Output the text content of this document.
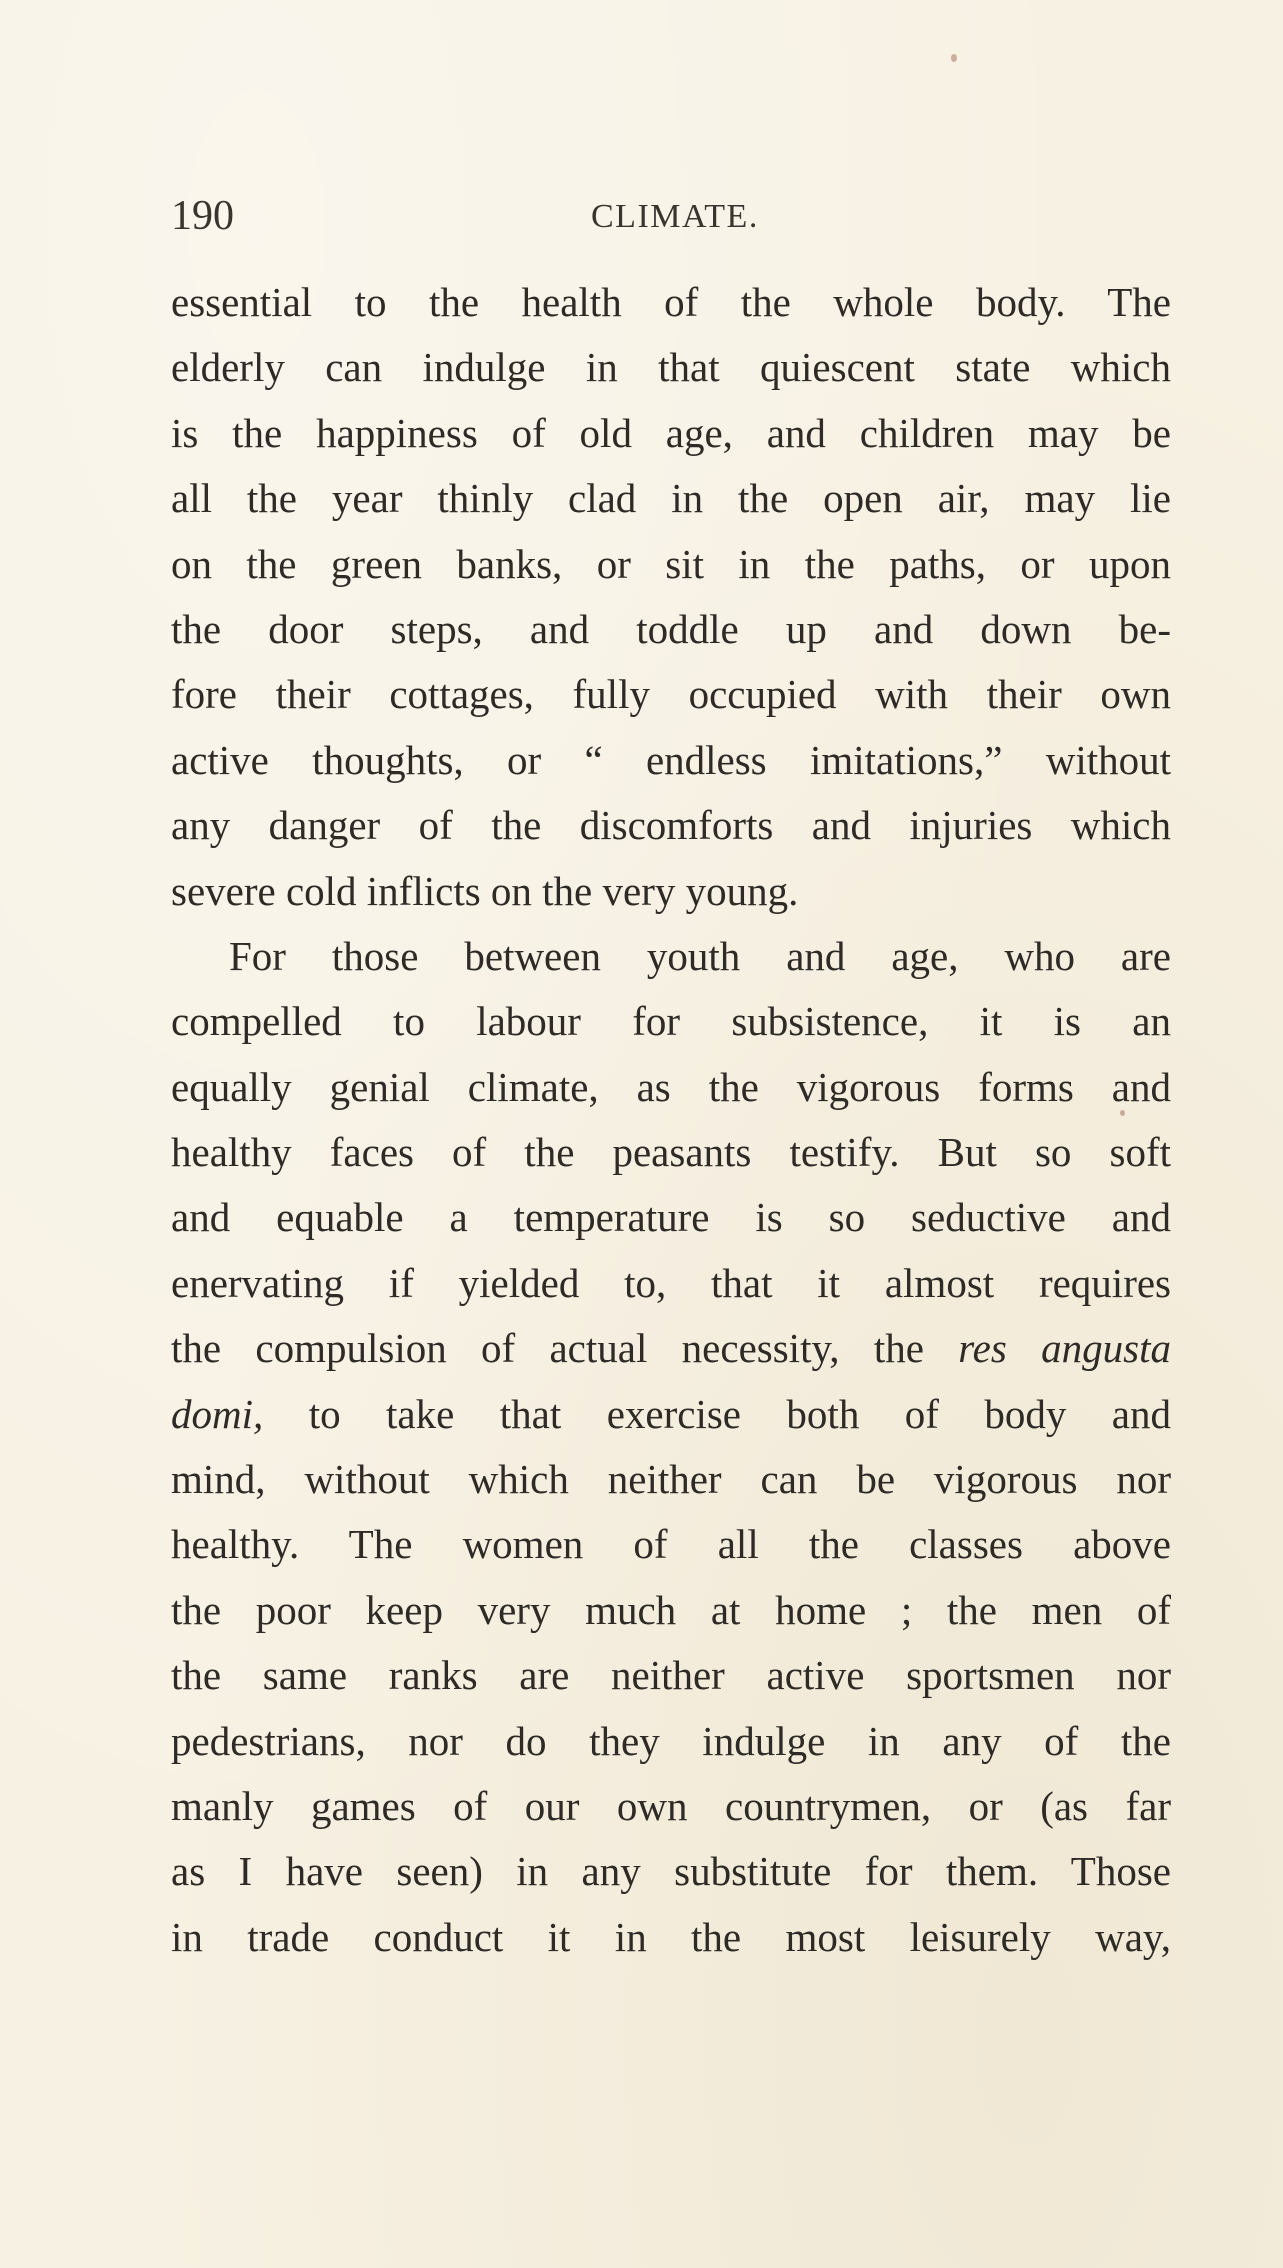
190	CLIMATE.
essential to the health of the whole body. The
elderly can indulge in that quiescent state which
is the happiness of old age, and children may be
all the year thinly clad in the open air, may lie
on the green banks, or sit in the paths, or upon
the door steps, and toddle up and down be-
fore their cottages, fully occupied with their own
active thoughts, or “ endless imitations,” without
any danger of the discomforts and injuries which
severe cold inflicts on the very young.
For those between youth and age, who are
compelled to labour for subsistence, it is an
equally genial climate, as the vigorous forms and
healthy faces of the peasants testify. But so soft
and equable a temperature is so seductive and
enervating if yielded to, that it almost requires
the compulsion of actual necessity, the res angusta
domi, to take that exercise both of body and
mind, without which neither can be vigorous nor
healthy. The women of all the classes above
the poor keep very much at home ; the men of
the same ranks are neither active sportsmen nor
pedestrians, nor do they indulge in any of the
manly games of our own countrymen, or (as far
as I have seen) in any substitute for them. Those
in trade conduct it in the most leisurely way,
